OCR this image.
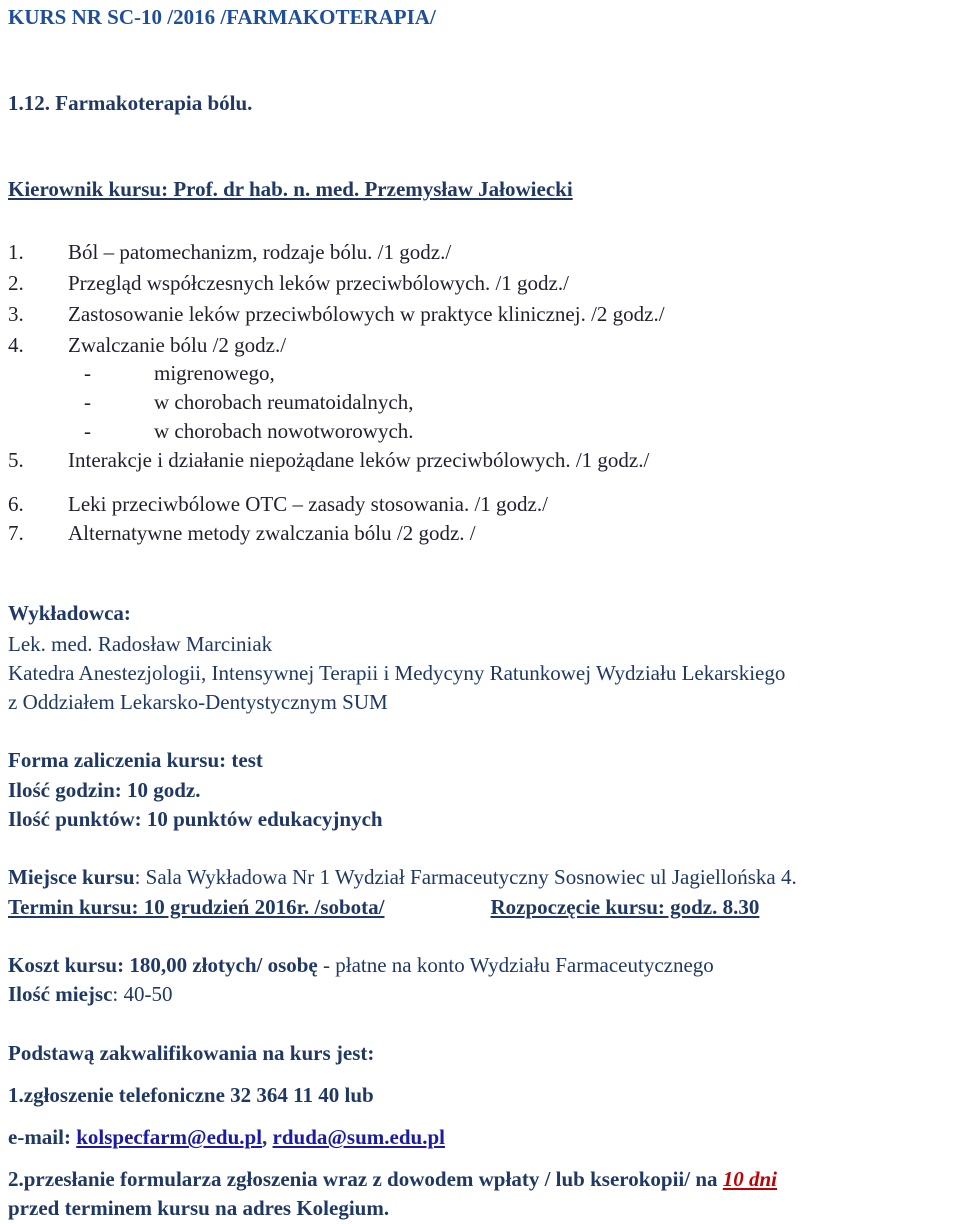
KURS NR SC-10 /2016 /FARMAKOTERAPIA/
1.12. Farmakoterapia bólu.
Kierownik kursu: Prof. dr hab. n. med. Przemysław Jałowiecki
1. Ból – patomechanizm, rodzaje bólu. /1 godz./
2. Przegląd współczesnych leków przeciwbólowych. /1 godz./
3. Zastosowanie leków przeciwbólowych w praktyce klinicznej. /2 godz./
4. Zwalczanie bólu /2 godz./
-	migrenowego,
-	w chorobach reumatoidalnych,
-	w chorobach nowotworowych.
5. Interakcje i działanie niepożądane leków przeciwbólowych. /1 godz./
6. Leki przeciwbólowe OTC – zasady stosowania. /1 godz./
7. Alternatywne metody zwalczania bólu /2 godz. /
Wykładowca:
Lek. med. Radosław Marciniak
Katedra Anestezjologii, Intensywnej Terapii i Medycyny Ratunkowej Wydziału Lekarskiego
z Oddziałem Lekarsko-Dentystycznym SUM
Forma zaliczenia kursu: test
Ilość godzin: 10 godz.
Ilość punktów: 10 punktów edukacyjnych
Miejsce kursu: Sala Wykładowa Nr 1 Wydział Farmaceutyczny Sosnowiec ul Jagiellońska 4.
Termin kursu: 10 grudzień 2016r. /sobota/	Rozpoczęcie kursu: godz. 8.30
Koszt kursu: 180,00 złotych/ osobę - płatne na konto Wydziału Farmaceutycznego
Ilość miejsc: 40-50
Podstawą zakwalifikowania na kurs jest:
1.zgłoszenie telefoniczne 32 364 11 40 lub
e-mail: kolspecfarm@edu.pl, rduda@sum.edu.pl
2.przesłanie formularza zgłoszenia wraz z dowodem wpłaty / lub kserokopii/ na 10 dni
przed terminem kursu na adres Kolegium.
